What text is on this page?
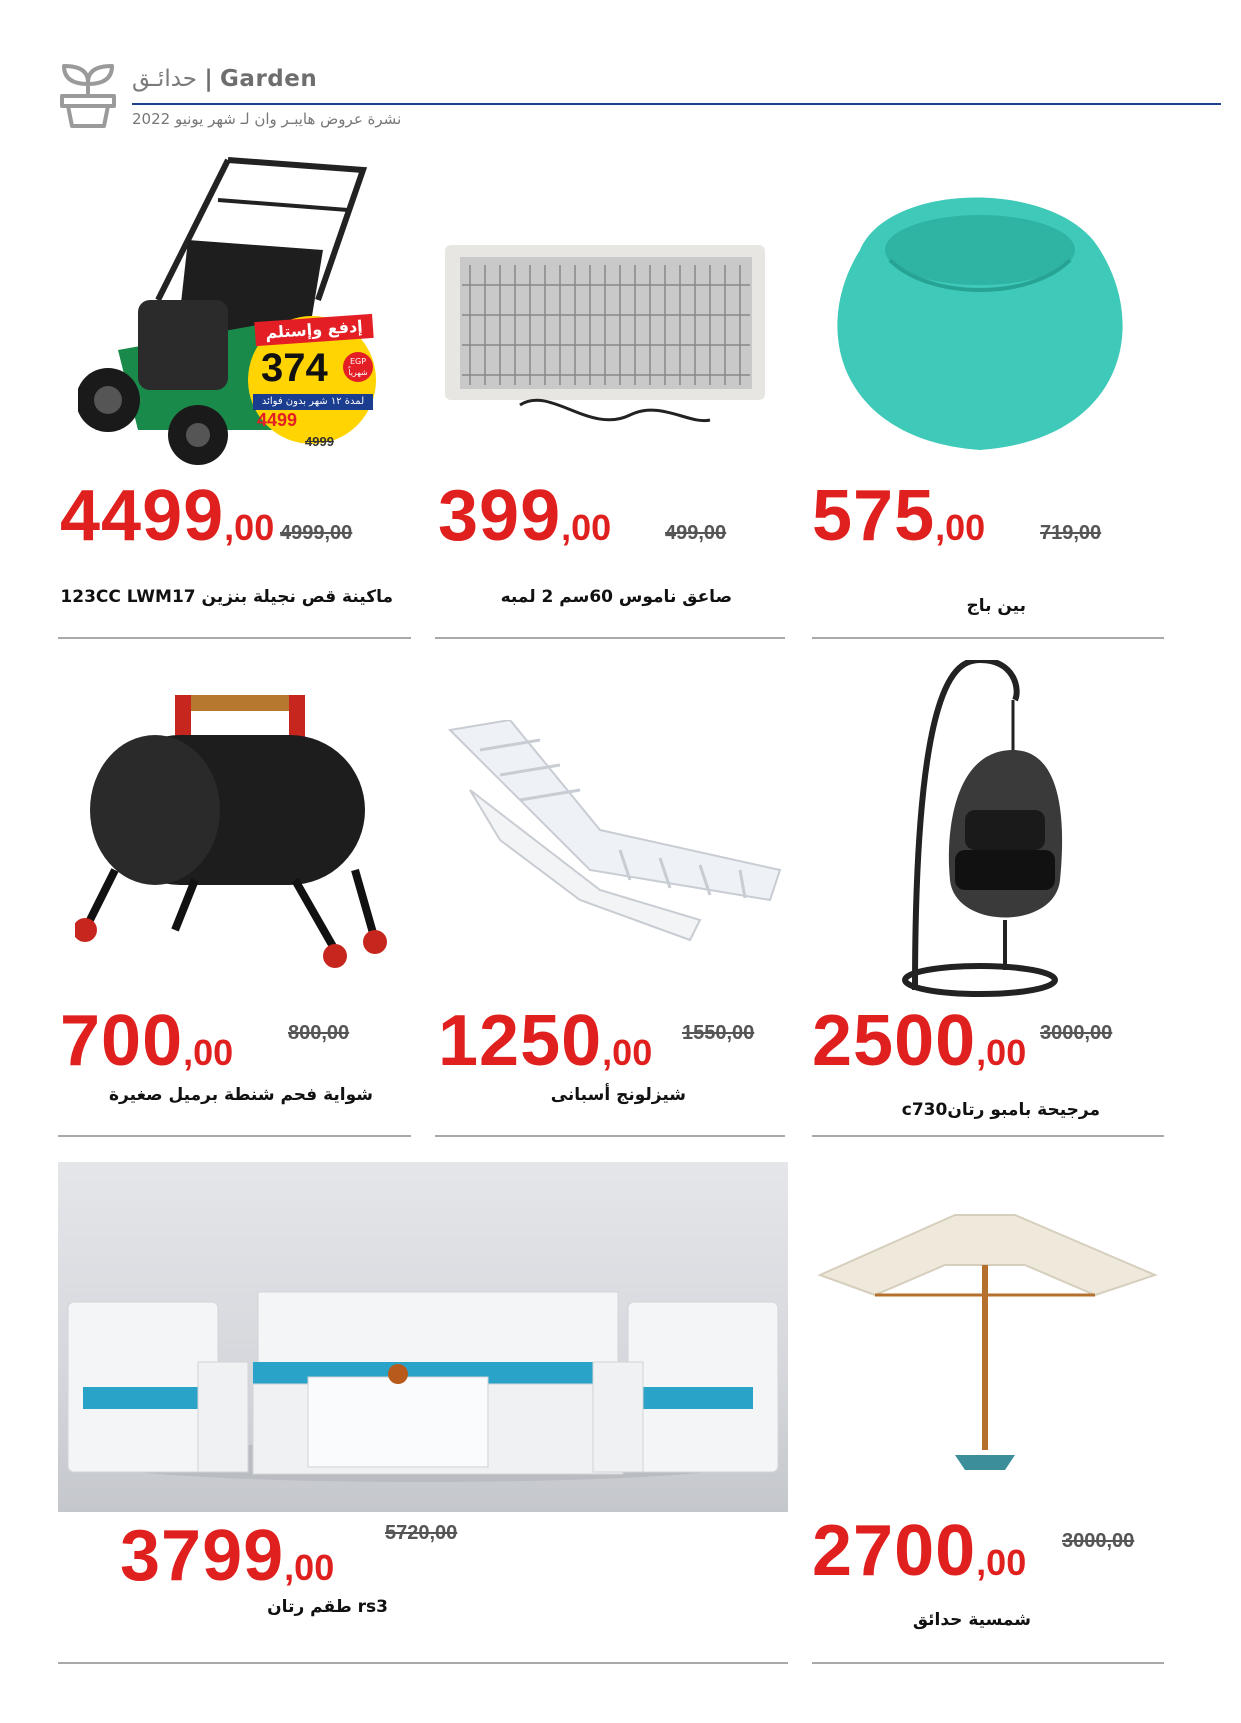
حدائـق | Garden
نشرة عروض هايبـر وان لـ شهر يونيو 2022
إدفع وإستلم
374	EGP
شهرياً
لمدة ١٢ شهر بدون فوائد
4499
4999
4499,00 4999,00
ماكينة قص نجيلة بنزين 123CC LWM17
399,00	499,00
صاعق ناموس 60سم 2 لمبه
575,00	719,00
بين باج
700,00	800,00
شواية فحم شنطة برميل صغيرة
1250,00 1550,00
شيزلونج أسبانى
2500,00 3000,00
مرجيحة بامبو رتانc730
3799,00
5720,00
rs3 طقم رتان
2700,00
3000,00
شمسية حدائق
